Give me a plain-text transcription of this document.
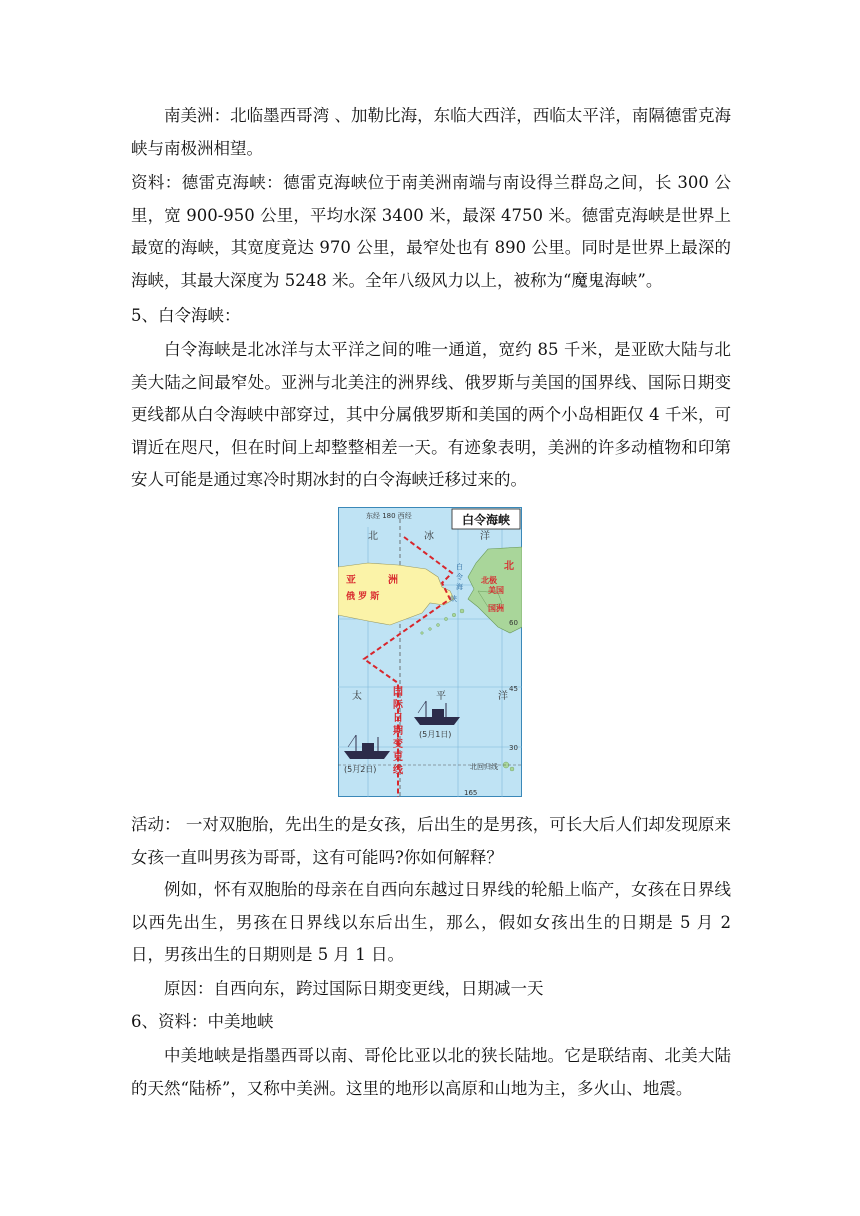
南美洲：北临墨西哥湾 、加勒比海，东临大西洋，西临太平洋，南隔德雷克海峡与南极洲相望。

资料：德雷克海峡：德雷克海峡位于南美洲南端与南设得兰群岛之间，长 300 公里，宽 900-950 公里，平均水深 3400 米，最深 4750 米。德雷克海峡是世界上最宽的海峡，其宽度竟达 970 公里，最窄处也有 890 公里。同时是世界上最深的海峡，其最大深度为 5248 米。全年八级风力以上，被称为“魔鬼海峡”。

5、白令海峡：

白令海峡是北冰洋与太平洋之间的唯一通道，宽约 85 千米，是亚欧大陆与北美大陆之间最窄处。亚洲与北美注的洲界线、俄罗斯与美国的国界线、国际日期变更线都从白令海峡中部穿过，其中分属俄罗斯和美国的两个小岛相距仅 4 千米，可谓近在咫尺，但在时间上却整整相差一天。有迹象表明，美洲的许多动植物和印第安人可能是通过寒冷时期冰封的白令海峡迁移过来的。

白令海峡
东经 180 西经
北	冰	洋
亚	洲
俄 罗 斯
白
令
海
峡
北
北极
美国
国洲
60
45
30
165
太	平	洋
国
际
日
期
变
更
线
(5月1日)
(5月2日)	北回归线

活动： 一对双胞胎，先出生的是女孩，后出生的是男孩，可长大后人们却发现原来女孩一直叫男孩为哥哥，这有可能吗?你如何解释？

例如，怀有双胞胎的母亲在自西向东越过日界线的轮船上临产，女孩在日界线以西先出生，男孩在日界线以东后出生，那么，假如女孩出生的日期是 5 月 2 日，男孩出生的日期则是 5 月 1 日。

原因：自西向东，跨过国际日期变更线，日期减一天

6、资料：中美地峡

中美地峡是指墨西哥以南、哥伦比亚以北的狭长陆地。它是联结南、北美大陆的天然“陆桥”，又称中美洲。这里的地形以高原和山地为主，多火山、地震。
